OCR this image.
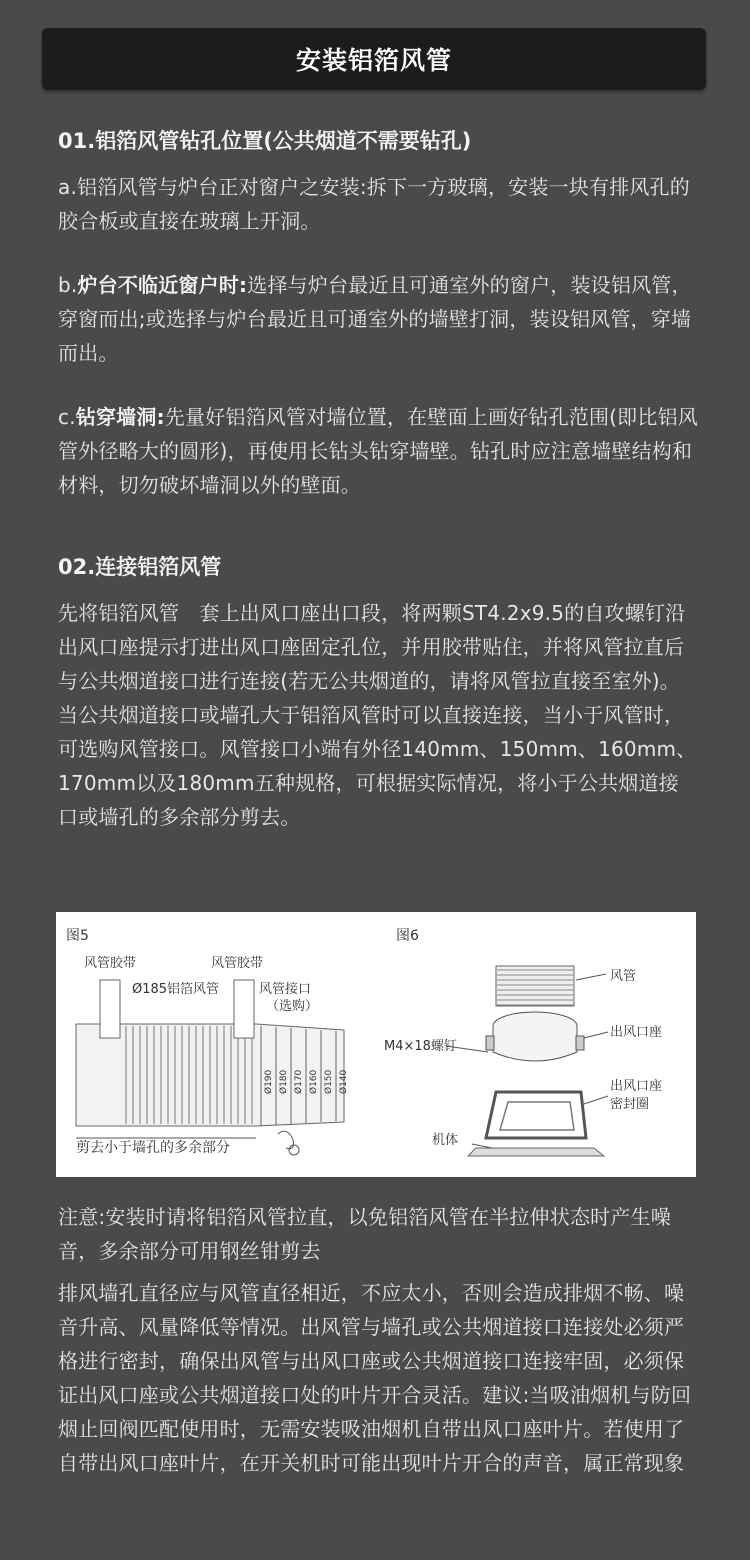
安装铝箔风管
01.铝箔风管钻孔位置(公共烟道不需要钻孔)

a.铝箔风管与炉台正对窗户之安装:拆下一方玻璃，安装一块有排风孔的胶合板或直接在玻璃上开洞。

b.炉台不临近窗户时:选择与炉台最近且可通室外的窗户，装设铝风管，穿窗而出;或选择与炉台最近且可通室外的墙壁打洞，装设铝风管，穿墙而出。

c.钻穿墙洞:先量好铝箔风管对墙位置，在壁面上画好钻孔范围(即比铝风管外径略大的圆形)，再使用长钻头钻穿墙壁。钻孔时应注意墙壁结构和材料，切勿破坏墙洞以外的壁面。

02.连接铝箔风管

先将铝箔风管　套上出风口座出口段，将两颗ST4.2x9.5的自攻螺钉沿出风口座提示打进出风口座固定孔位，并用胶带贴住，并将风管拉直后与公共烟道接口进行连接(若无公共烟道的，请将风管拉直接至室外)。当公共烟道接口或墙孔大于铝箔风管时可以直接连接，当小于风管时，可选购风管接口。风管接口小端有外径140mm、150mm、160mm、170mm以及180mm五种规格，可根据实际情况，将小于公共烟道接口或墙孔的多余部分剪去。

图5
风管胶带	风管胶带
Ø185铝箔风管	风管接口
（选购）
Ø190 Ø180 Ø170 Ø160 Ø150 Ø140
剪去小于墙孔的多余部分
图6
风管
出风口座
M4×18螺钉
出风口座
密封圈
机体

注意:安装时请将铝箔风管拉直，以免铝箔风管在半拉伸状态时产生噪音，多余部分可用钢丝钳剪去

排风墙孔直径应与风管直径相近，不应太小，否则会造成排烟不畅、噪音升高、风量降低等情况。出风管与墙孔或公共烟道接口连接处必须严格进行密封，确保出风管与出风口座或公共烟道接口连接牢固，必须保证出风口座或公共烟道接口处的叶片开合灵活。建议:当吸油烟机与防回烟止回阀匹配使用时，无需安装吸油烟机自带出风口座叶片。若使用了自带出风口座叶片，在开关机时可能出现叶片开合的声音，属正常现象
